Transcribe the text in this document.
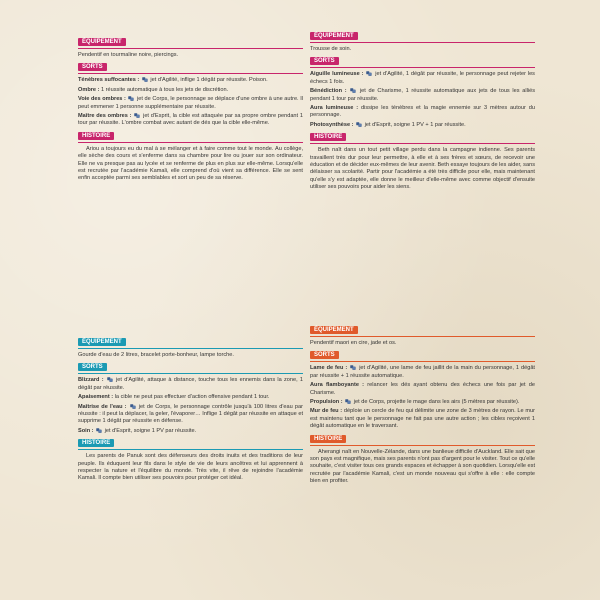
ÉQUIPEMENT

Pendentif en tourmaline noire, piercings.

SORTS

Ténèbres suffocantes :
jet d'Agilité, inflige 1 dégât par réussite. Poison.

Ombre : 1 réussite automatique à tous les jets de discrétion.

Voie des ombres :
jet de Corps, le personnage se déplace d'une ombre à une autre. Il peut emmener 1 personne supplémentaire par réussite.

Maître des ombres :
jet d'Esprit, la cible est attaquée par sa propre ombre pendant 1 tour par réussite. L'ombre combat avec autant de dés que la cible elle-même.

HISTOIRE

Ariou a toujours eu du mal à se mélanger et à faire comme tout le monde. Au collège, elle sèche des cours et s'enferme dans sa chambre pour lire ou jouer sur son ordinateur. Elle ne va presque pas au lycée et se renferme de plus en plus sur elle-même. Lorsqu'elle est recrutée par l'académie Kamali, elle comprend d'où vient sa différence. Elle se sent enfin acceptée parmi ses semblables et sort un peu de sa réserve.

ÉQUIPEMENT

Trousse de soin.

SORTS

Aiguille lumineuse :
jet d'Agilité, 1 dégât par réussite, le personnage peut rejeter les échecs 1 fois.

Bénédiction :
jet de Charisme, 1 réussite automatique aux jets de tous les alliés pendant 1 tour par réussite.

Aura lumineuse : dissipe les ténèbres et la magie ennemie sur 3 mètres autour du personnage.

Photosynthèse :
jet d'Esprit, soigne 1 PV + 1 par réussite.

HISTOIRE

Beth naît dans un tout petit village perdu dans la campagne indienne. Ses parents travaillent très dur pour leur permettre, à elle et à ses frères et sœurs, de recevoir une éducation et de décider eux-mêmes de leur avenir. Beth essaye toujours de les aider, sans délaisser sa scolarité. Partir pour l'académie a été très difficile pour elle, mais maintenant qu'elle s'y est adaptée, elle donne le meilleur d'elle-même avec comme objectif d'ensuite utiliser ses pouvoirs pour aider les siens.

ÉQUIPEMENT

Gourde d'eau de 2 litres, bracelet porte-bonheur, lampe torche.

SORTS

Blizzard :
jet d'Agilité, attaque à distance, touche tous les ennemis dans la zone, 1 dégât par réussite.

Apaisement : la cible ne peut pas effectuer d'action offensive pendant 1 tour.

Maîtrise de l'eau :
jet de Corps, le personnage contrôle jusqu'à 100 litres d'eau par réussite : il peut la déplacer, la geler, l'évaporer… Inflige 1 dégât par réussite en attaque et supprime 1 dégât par réussite en défense.

Soin :
jet d'Esprit, soigne 1 PV par réussite.

HISTOIRE

Les parents de Panuk sont des défenseurs des droits inuits et des traditions de leur peuple. Ils éduquent leur fils dans le style de vie de leurs ancêtres et lui apprennent à respecter la nature et l'équilibre du monde. Très vite, il rêve de rejoindre l'académie Kamali. Il compte bien utiliser ses pouvoirs pour protéger cet idéal.

ÉQUIPEMENT

Pendentif maori en cire, jade et os.

SORTS

Lame de feu :
jet d'Agilité, une lame de feu jaillit de la main du personnage, 1 dégât par réussite + 1 réussite automatique.

Aura flamboyante : relancer les dés ayant obtenu des échecs une fois par jet de Charisme.

Propulsion :
jet de Corps, projette le mage dans les airs (5 mètres par réussite).

Mur de feu : déploie un cercle de feu qui délimite une zone de 3 mètres de rayon. Le mur est maintenu tant que le personnage ne fait pas une autre action ; les cibles reçoivent 1 dégât automatique en le traversant.

HISTOIRE

Aherangi naît en Nouvelle-Zélande, dans une banlieue difficile d'Auckland. Elle sait que son pays est magnifique, mais ses parents n'ont pas d'argent pour le visiter. Tout ce qu'elle souhaite, c'est visiter tous ces grands espaces et échapper à son quotidien. Lorsqu'elle est recrutée par l'académie Kamali, c'est un monde nouveau qui s'offre à elle : elle compte bien en profiter.
